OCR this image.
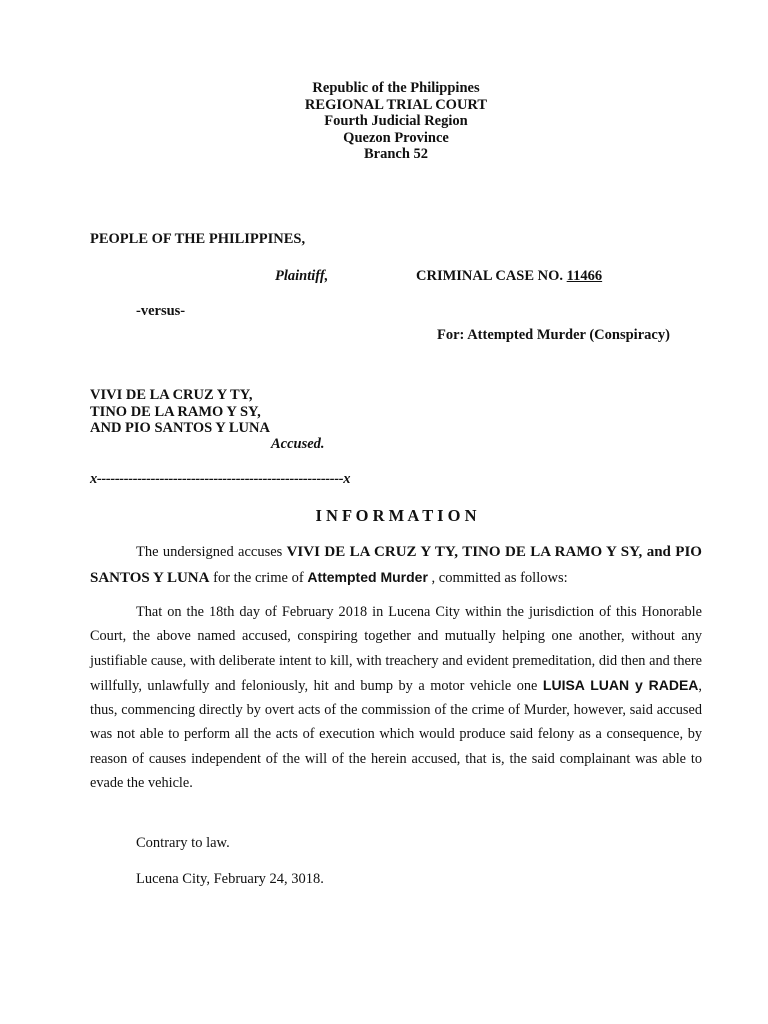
Republic of the Philippines
REGIONAL TRIAL COURT
Fourth Judicial Region
Quezon Province
Branch 52
PEOPLE OF THE PHILIPPINES,
Plaintiff,	CRIMINAL CASE NO. 11466
-versus-
For: Attempted Murder (Conspiracy)
VIVI DE LA CRUZ Y TY,
TINO DE LA RAMO Y SY,
AND PIO SANTOS Y LUNA
Accused.
x-------------------------------------------------------x
I N F O R M A T I O N
The undersigned accuses VIVI DE LA CRUZ Y TY, TINO DE LA RAMO Y SY, and PIO SANTOS Y LUNA for the crime of Attempted Murder , committed as follows:
That on the 18th day of February 2018 in Lucena City within the jurisdiction of this Honorable Court, the above named accused, conspiring together and mutually helping one another, without any justifiable cause, with deliberate intent to kill, with treachery and evident premeditation, did then and there willfully, unlawfully and feloniously, hit and bump by a motor vehicle one LUISA LUAN y RADEA, thus, commencing directly by overt acts of the commission of the crime of Murder, however, said accused was not able to perform all the acts of execution which would produce said felony as a consequence, by reason of causes independent of the will of the herein accused, that is, the said complainant was able to evade the vehicle.
Contrary to law.
Lucena City, February 24, 3018.
